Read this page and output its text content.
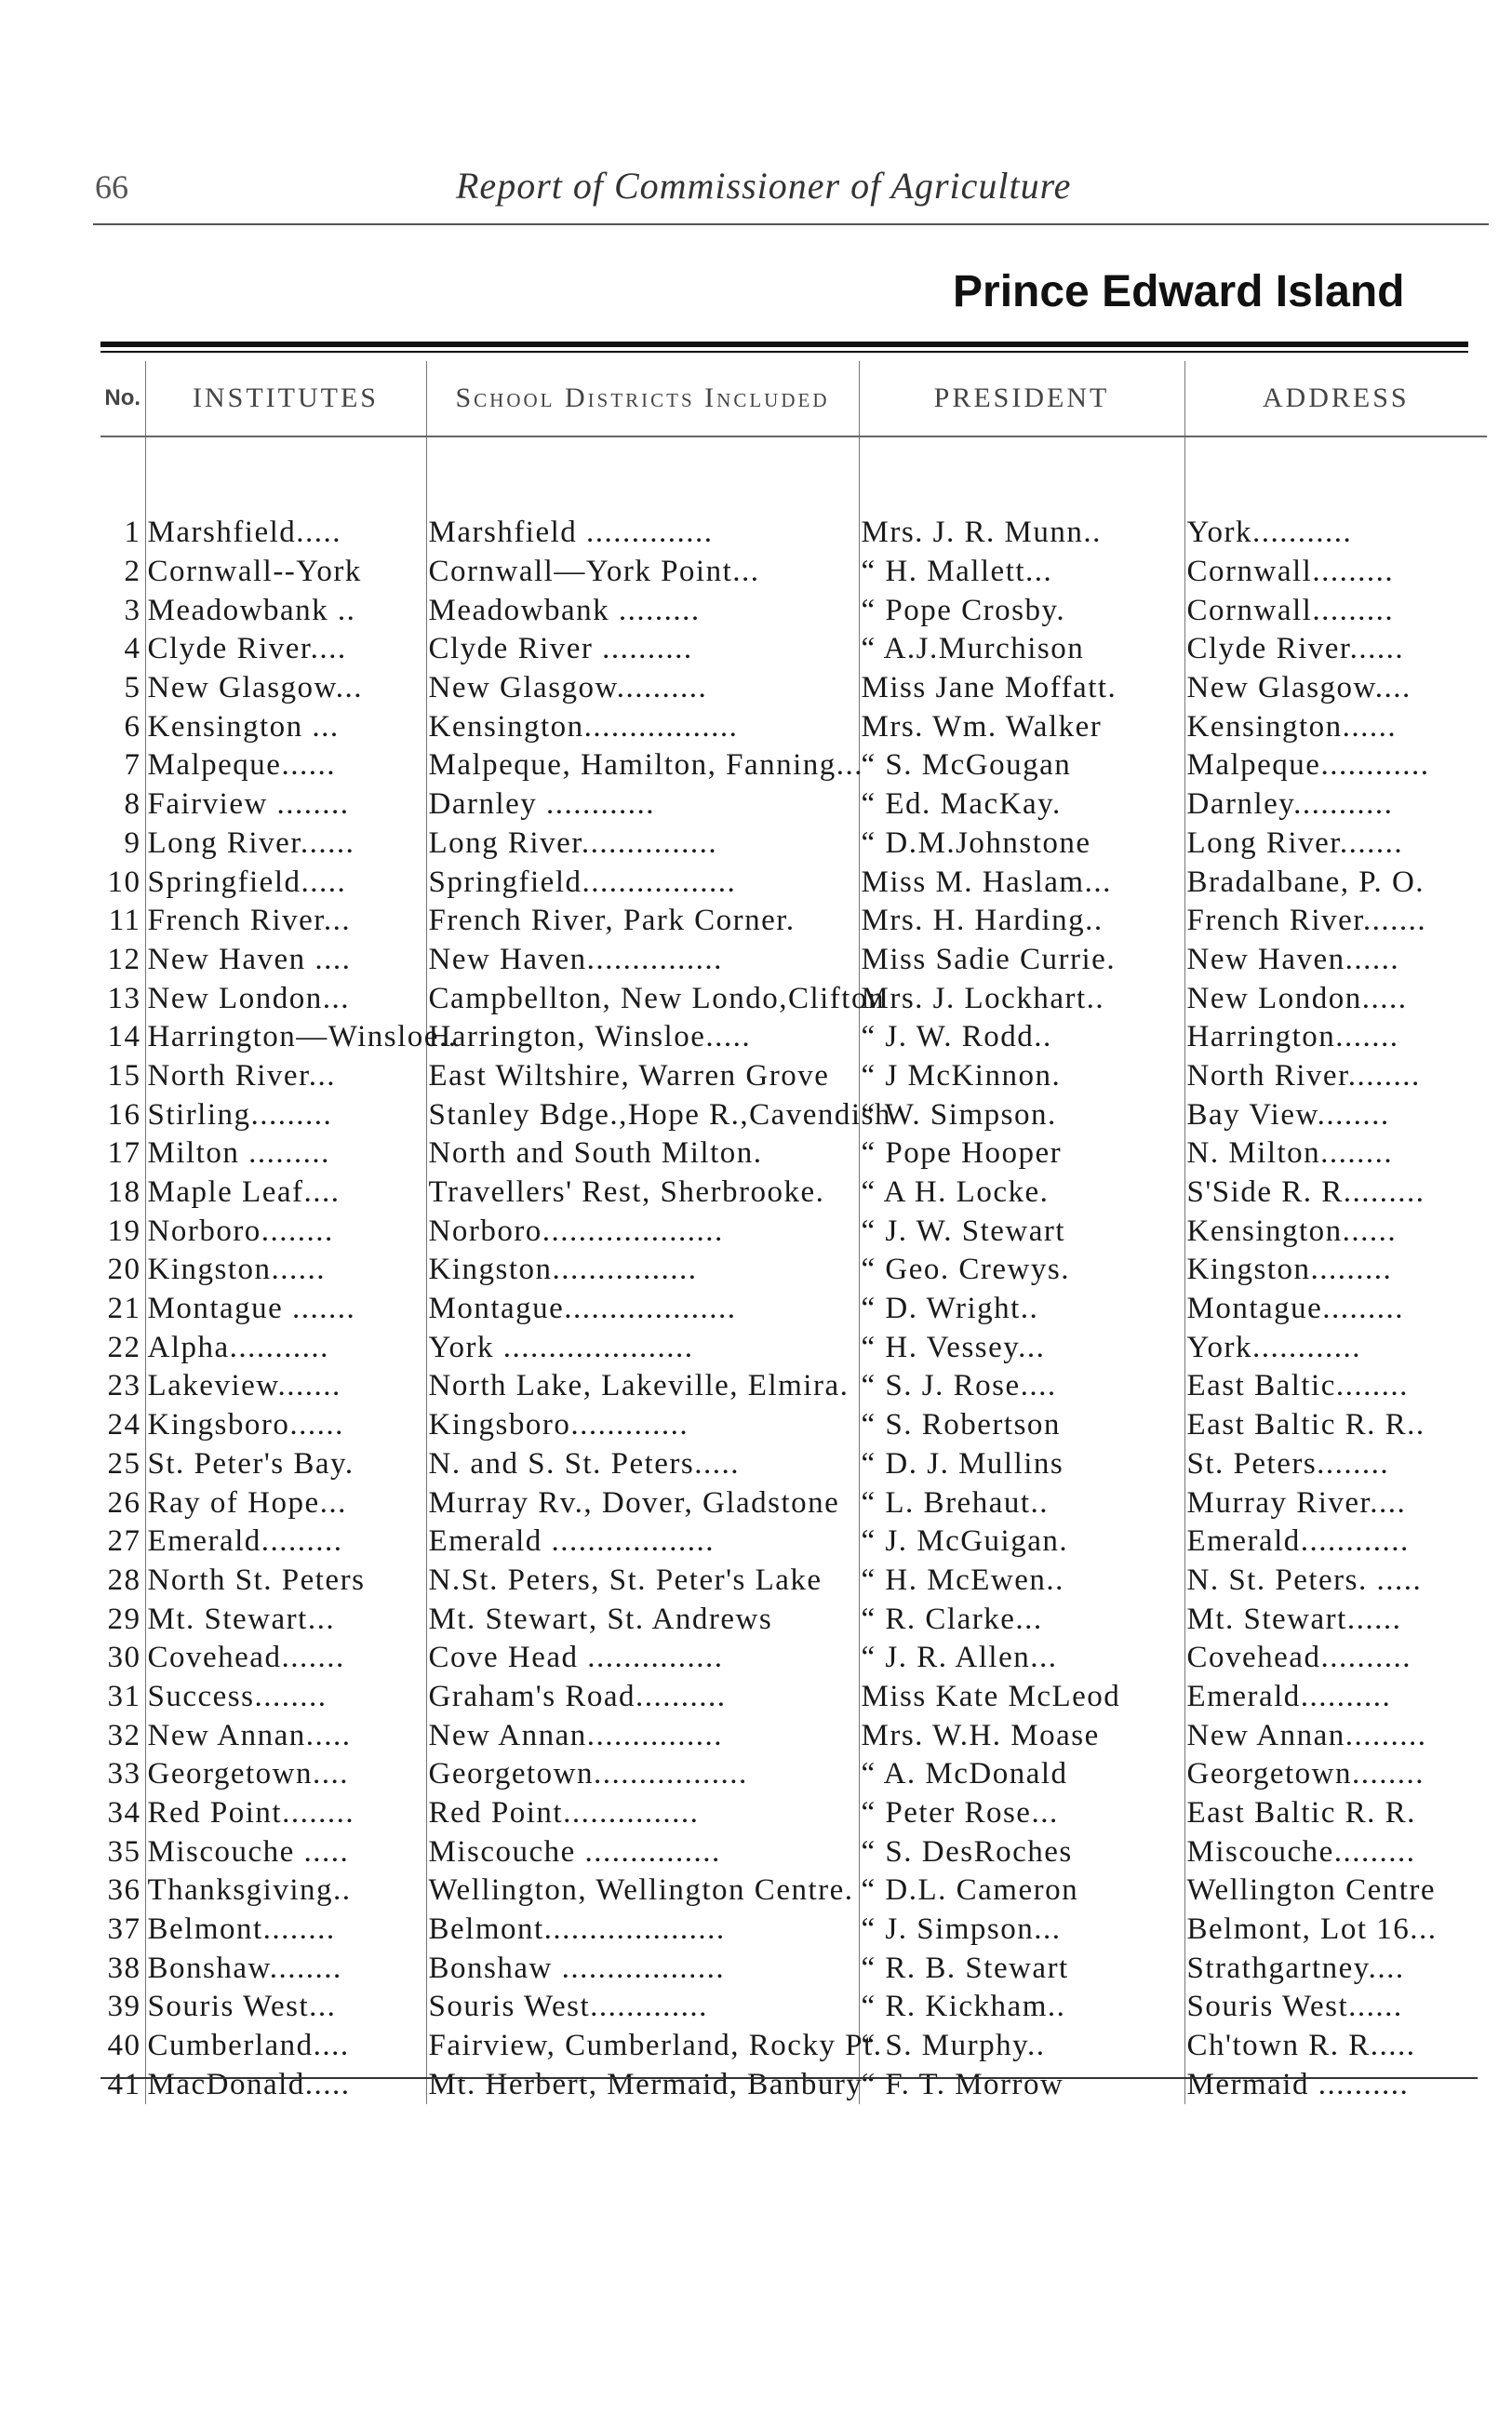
66	Report of Commissioner of Agriculture
Prince Edward Island
No.	INSTITUTES	School Districts Included	PRESIDENT	ADDRESS

1	Marshfield.....	Marshfield ..............	Mrs. J. R. Munn..	York...........
2	Cornwall--York	Cornwall—York Point...	“ H. Mallett...	Cornwall.........
3	Meadowbank ..	Meadowbank .........	“ Pope Crosby.	Cornwall.........
4	Clyde River....	Clyde River ..........	“ A.J.Murchison	Clyde River......
5	New Glasgow...	New Glasgow..........	Miss Jane Moffatt.	New Glasgow....
6	Kensington ...	Kensington.................	Mrs. Wm. Walker	Kensington......
7	Malpeque......	Malpeque, Hamilton, Fanning...	“ S. McGougan	Malpeque............
8	Fairview ........	Darnley ............	“ Ed. MacKay.	Darnley...........
9	Long River......	Long River...............	“ D.M.Johnstone	Long River.......
10	Springfield.....	Springfield.................	Miss M. Haslam...	Bradalbane, P. O.
11	French River...	French River, Park Corner.	Mrs. H. Harding..	French River.......
12	New Haven ....	New Haven...............	Miss Sadie Currie.	New Haven......
13	New London...	Campbellton, New Londo,Clifton	Mrs. J. Lockhart..	New London.....
14	Harrington—Winsloe..	Harrington, Winsloe.....	“ J. W. Rodd..	Harrington.......
15	North River...	East Wiltshire, Warren Grove	“ J McKinnon.	North River........
16	Stirling.........	Stanley Bdge.,Hope R.,Cavendish	“ W. Simpson.	Bay View........
17	Milton .........	North and South Milton.	“ Pope Hooper	N. Milton........
18	Maple Leaf....	Travellers' Rest, Sherbrooke.	“ A H. Locke.	S'Side R. R.........
19	Norboro........	Norboro....................	“ J. W. Stewart	Kensington......
20	Kingston......	Kingston................	“ Geo. Crewys.	Kingston.........
21	Montague .......	Montague...................	“ D. Wright..	Montague.........
22	Alpha...........	York .....................	“ H. Vessey...	York............
23	Lakeview.......	North Lake, Lakeville, Elmira.	“ S. J. Rose....	East Baltic........
24	Kingsboro......	Kingsboro.............	“ S. Robertson	East Baltic R. R..
25	St. Peter's Bay.	N. and S. St. Peters.....	“ D. J. Mullins	St. Peters........
26	Ray of Hope...	Murray Rv., Dover, Gladstone	“ L. Brehaut..	Murray River....
27	Emerald.........	Emerald ..................	“ J. McGuigan.	Emerald............
28	North St. Peters	N.St. Peters, St. Peter's Lake	“ H. McEwen..	N. St. Peters. .....
29	Mt. Stewart...	Mt. Stewart, St. Andrews	“ R. Clarke...	Mt. Stewart......
30	Covehead.......	Cove Head ...............	“ J. R. Allen...	Covehead..........
31	Success........	Graham's Road..........	Miss Kate McLeod	Emerald..........
32	New Annan.....	New Annan...............	Mrs. W.H. Moase	New Annan.........
33	Georgetown....	Georgetown.................	“ A. McDonald	Georgetown........
34	Red Point........	Red Point...............	“ Peter Rose...	East Baltic R. R.
35	Miscouche .....	Miscouche ...............	“ S. DesRoches	Miscouche.........
36	Thanksgiving..	Wellington, Wellington Centre.	“ D.L. Cameron	Wellington Centre
37	Belmont........	Belmont....................	“ J. Simpson...	Belmont, Lot 16...
38	Bonshaw........	Bonshaw ..................	“ R. B. Stewart	Strathgartney....
39	Souris West...	Souris West.............	“ R. Kickham..	Souris West......
40	Cumberland....	Fairview, Cumberland, Rocky Pt.	“ S. Murphy..	Ch'town R. R.....
41	MacDonald.....	Mt. Herbert, Mermaid, Banbury	“ F. T. Morrow	Mermaid ..........
